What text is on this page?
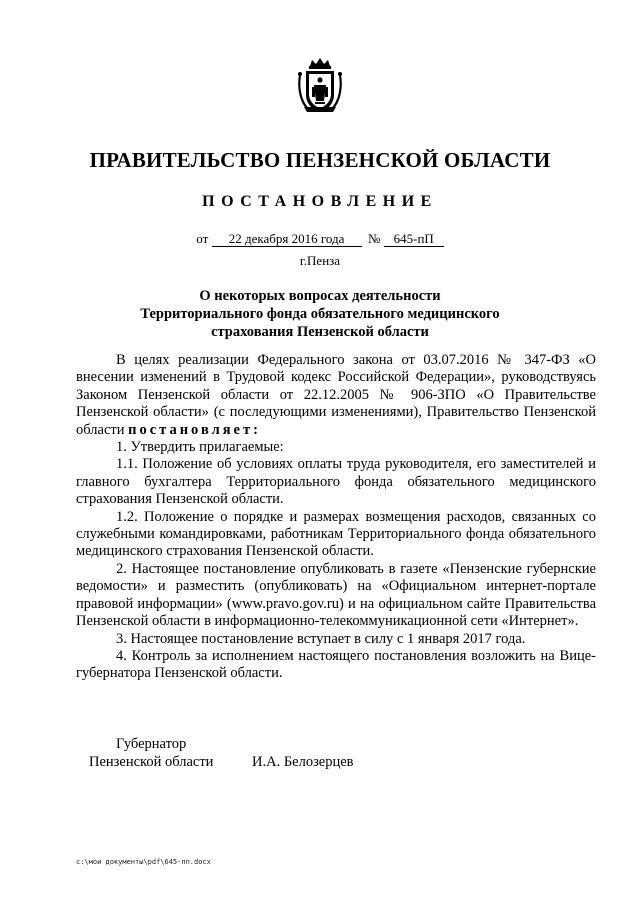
ПРАВИТЕЛЬСТВО ПЕНЗЕНСКОЙ ОБЛАСТИ
ПОСТАНОВЛЕНИЕ
от 22 декабря 2016 года № 645-пП
г.Пенза
О некоторых вопросах деятельности
Территориального фонда обязательного медицинского
страхования Пензенской области

В целях реализации Федерального закона от 03.07.2016 № 347-ФЗ «О внесении изменений в Трудовой кодекс Российской Федерации», руководствуясь Законом Пензенской области от 22.12.2005 № 906-ЗПО «О Правительстве Пензенской области» (с последующими изменениями), Правительство Пензенской области постановляет:

1. Утвердить прилагаемые:

1.1. Положение об условиях оплаты труда руководителя, его заместителей и главного бухгалтера Территориального фонда обязательного медицинского страхования Пензенской области.

1.2. Положение о порядке и размерах возмещения расходов, связанных со служебными командировками, работникам Территориального фонда обязательного медицинского страхования Пензенской области.

2. Настоящее постановление опубликовать в газете «Пензенские губернские ведомости» и разместить (опубликовать) на «Официальном интернет-портале правовой информации» (www.pravo.gov.ru) и на официальном сайте Правительства Пензенской области в информационно-телекоммуникационной сети «Интернет».

3. Настоящее постановление вступает в силу с 1 января 2017 года.

4. Контроль за исполнением настоящего постановления возложить на Вице-губернатора Пензенской области.

Губернатор
Пензенской области	И.А. Белозерцев
c:\мои документы\pdf\645-пп.docx
